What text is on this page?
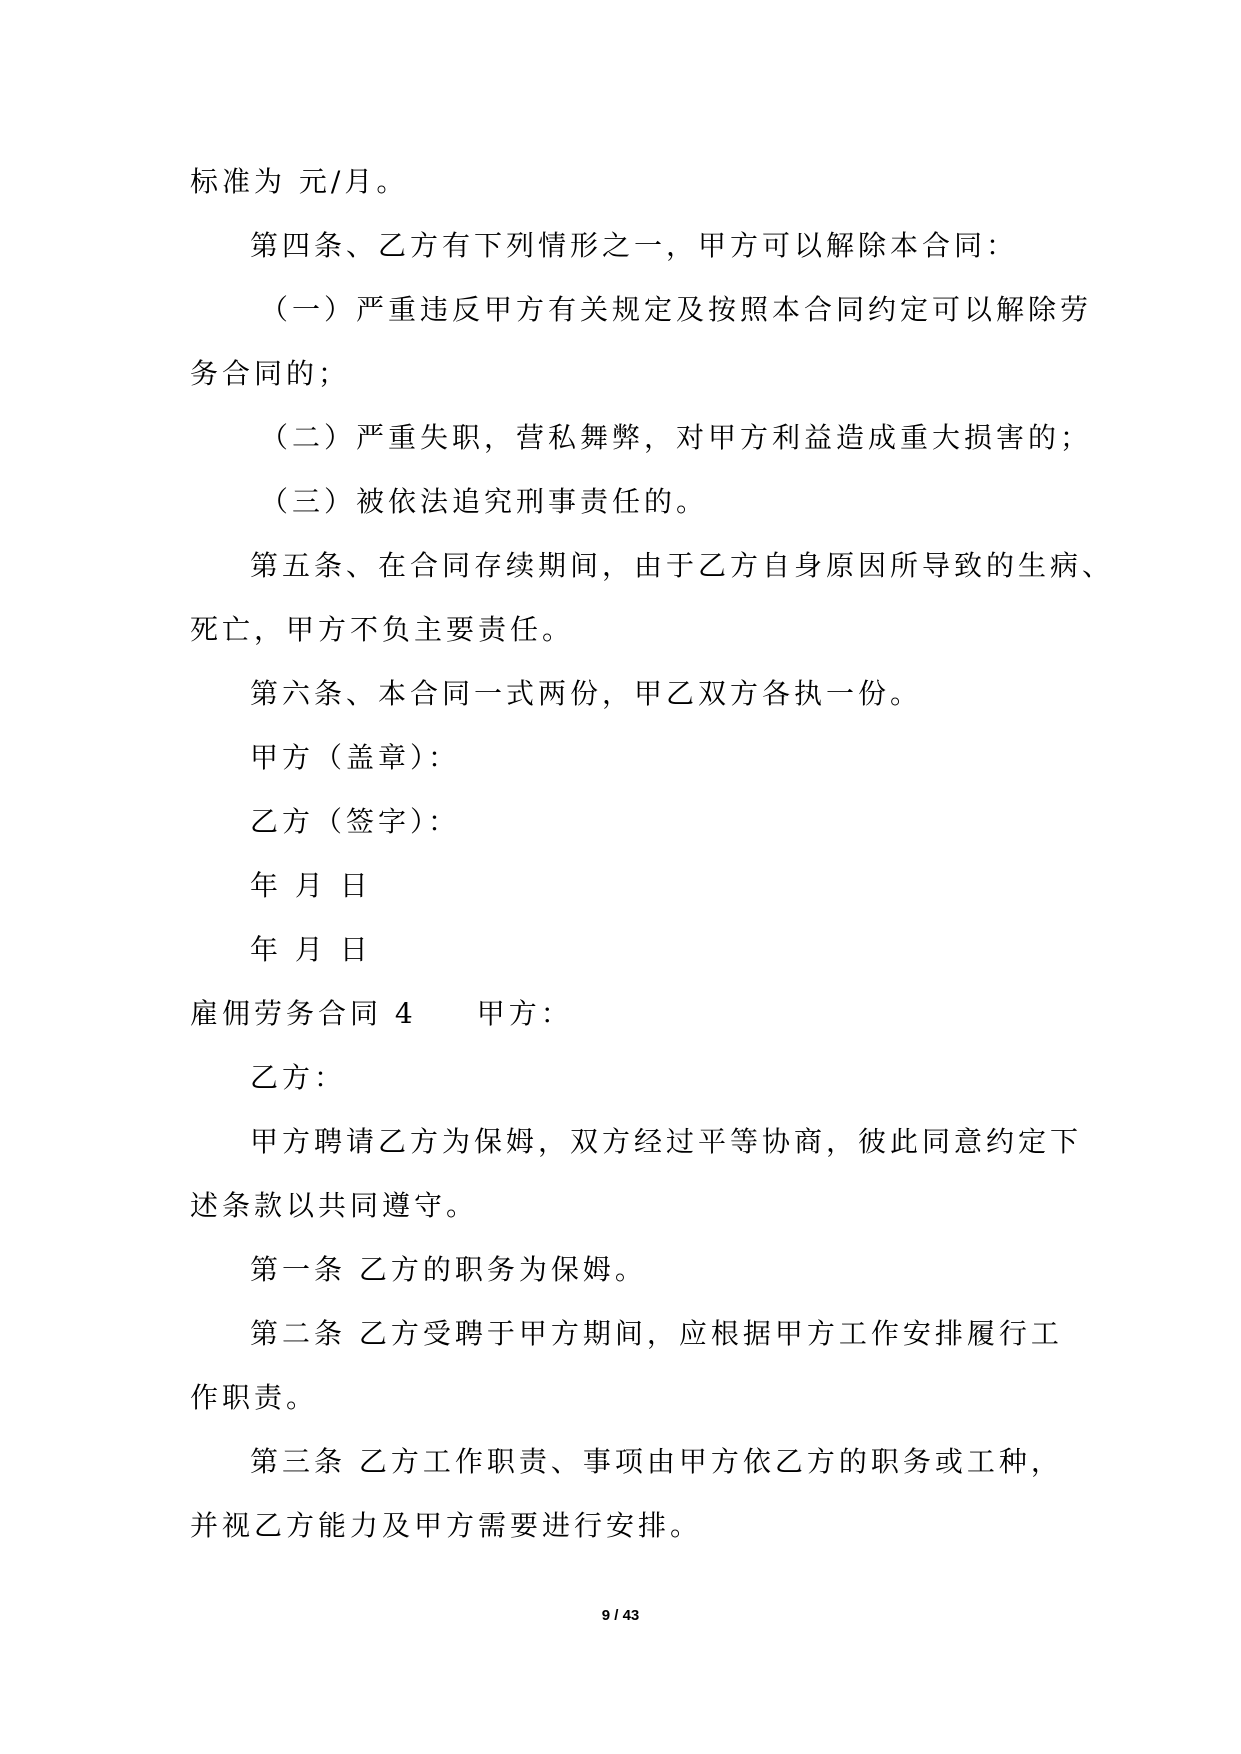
标准为 元/月。
第四条、乙方有下列情形之一，甲方可以解除本合同：
（一）严重违反甲方有关规定及按照本合同约定可以解除劳
务合同的；
（二）严重失职，营私舞弊，对甲方利益造成重大损害的；
（三）被依法追究刑事责任的。
第五条、在合同存续期间，由于乙方自身原因所导致的生病、
死亡，甲方不负主要责任。
第六条、本合同一式两份，甲乙双方各执一份。
甲方（盖章）：
乙方（签字）：
年 月 日
年 月 日
雇佣劳务合同 4 甲方：
乙方：
甲方聘请乙方为保姆，双方经过平等协商，彼此同意约定下
述条款以共同遵守。
第一条 乙方的职务为保姆。
第二条 乙方受聘于甲方期间，应根据甲方工作安排履行工
作职责。
第三条 乙方工作职责、事项由甲方依乙方的职务或工种，
并视乙方能力及甲方需要进行安排。
9 / 43
